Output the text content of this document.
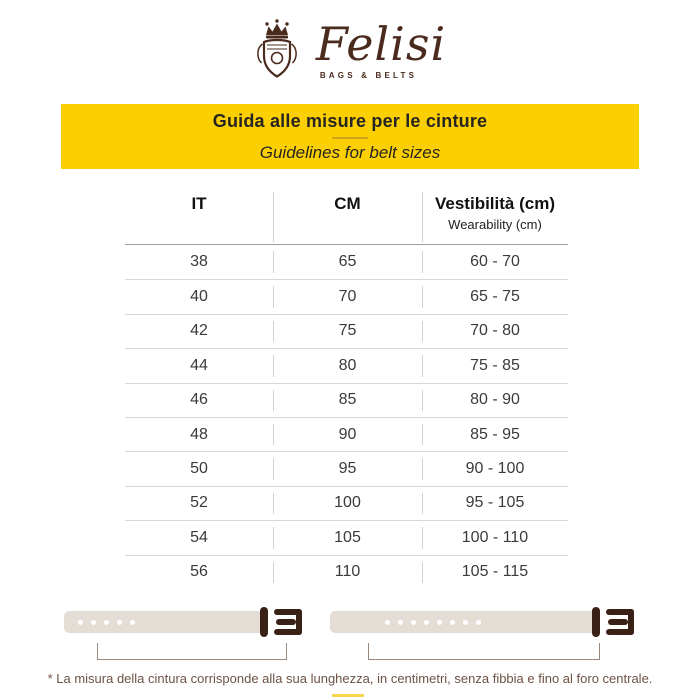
Felisi
BAGS & BELTS
Guida alle misure per le cinture
Guidelines for belt sizes
IT	CM	Vestibilità (cm)
Wearability (cm)
38	65	60 - 70
40	70	65 - 75
42	75	70 - 80
44	80	75 - 85
46	85	80 - 90
48	90	85 - 95
50	95	90 - 100
52	100	95 - 105
54	105	100 - 110
56	110	105 - 115

* La misura della cintura corrisponde alla sua lunghezza, in centimetri, senza fibbia e fino al foro centrale.
